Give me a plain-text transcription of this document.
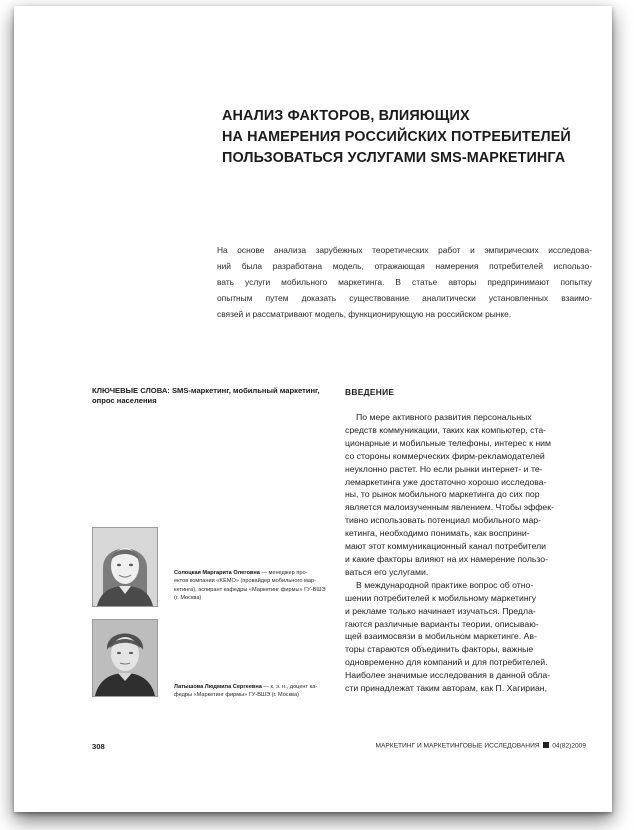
АНАЛИЗ ФАКТОРОВ, ВЛИЯЮЩИХ
НА НАМЕРЕНИЯ РОССИЙСКИХ ПОТРЕБИТЕЛЕЙ
ПОЛЬЗОВАТЬСЯ УСЛУГАМИ SMS-МАРКЕТИНГА
На основе анализа зарубежных теоретических работ и эмпирических исследова-
ний была разработана модель, отражающая намерения потребителей использо-
вать услуги мобильного маркетинга. В статье авторы предпринимают попытку
опытным путем доказать существование аналитически установленных взаимо-
связей и рассматривают модель, функционирующую на российском рынке.
КЛЮЧЕВЫЕ СЛОВА: SMS-маркетинг, мобильный маркетинг,
опрос населения
ВВЕДЕНИЕ
По мере активного развития персональных
средств коммуникации, таких как компьютер, ста-
ционарные и мобильные телефоны, интерес к ним
со стороны коммерческих фирм-рекламодателей
неуклонно растет. Но если рынки интернет- и те-
лемаркетинга уже достаточно хорошо исследова-
ны, то рынок мобильного маркетинга до сих пор
является малоизученным явлением. Чтобы эффек-
тивно использовать потенциал мобильного мар-
кетинга, необходимо понимать, как восприни-
мают этот коммуникационный канал потребители
и какие факторы влияют на их намерение пользо-
ваться его услугами.
В международной практике вопрос об отно-
шении потребителей к мобильному маркетингу
и рекламе только начинает изучаться. Предла-
гаются различные варианты теории, описываю-
щей взаимосвязи в мобильном маркетинге. Ав-
торы стараются объединить факторы, важные
одновременно для компаний и для потребителей.
Наиболее значимые исследования в данной обла-
сти принадлежат таким авторам, как П. Хагириан,
Солоцкая Маргарита Олеговна — менеджер про-
ектов компании «KEMO» (провайдер мобильного мар-
кетинга), аспирант кафедры «Маркетинг фирмы» ГУ-ВШЭ
(г. Москва)
Латышова Людмила Сергеевна — к. э. н., доцент ка-
федры «Маркетинг фирмы» ГУ-ВШЭ (г. Москва)
308	МАРКЕТИНГ И МАРКЕТИНГОВЫЕ ИССЛЕДОВАНИЯ 04(82)2009
